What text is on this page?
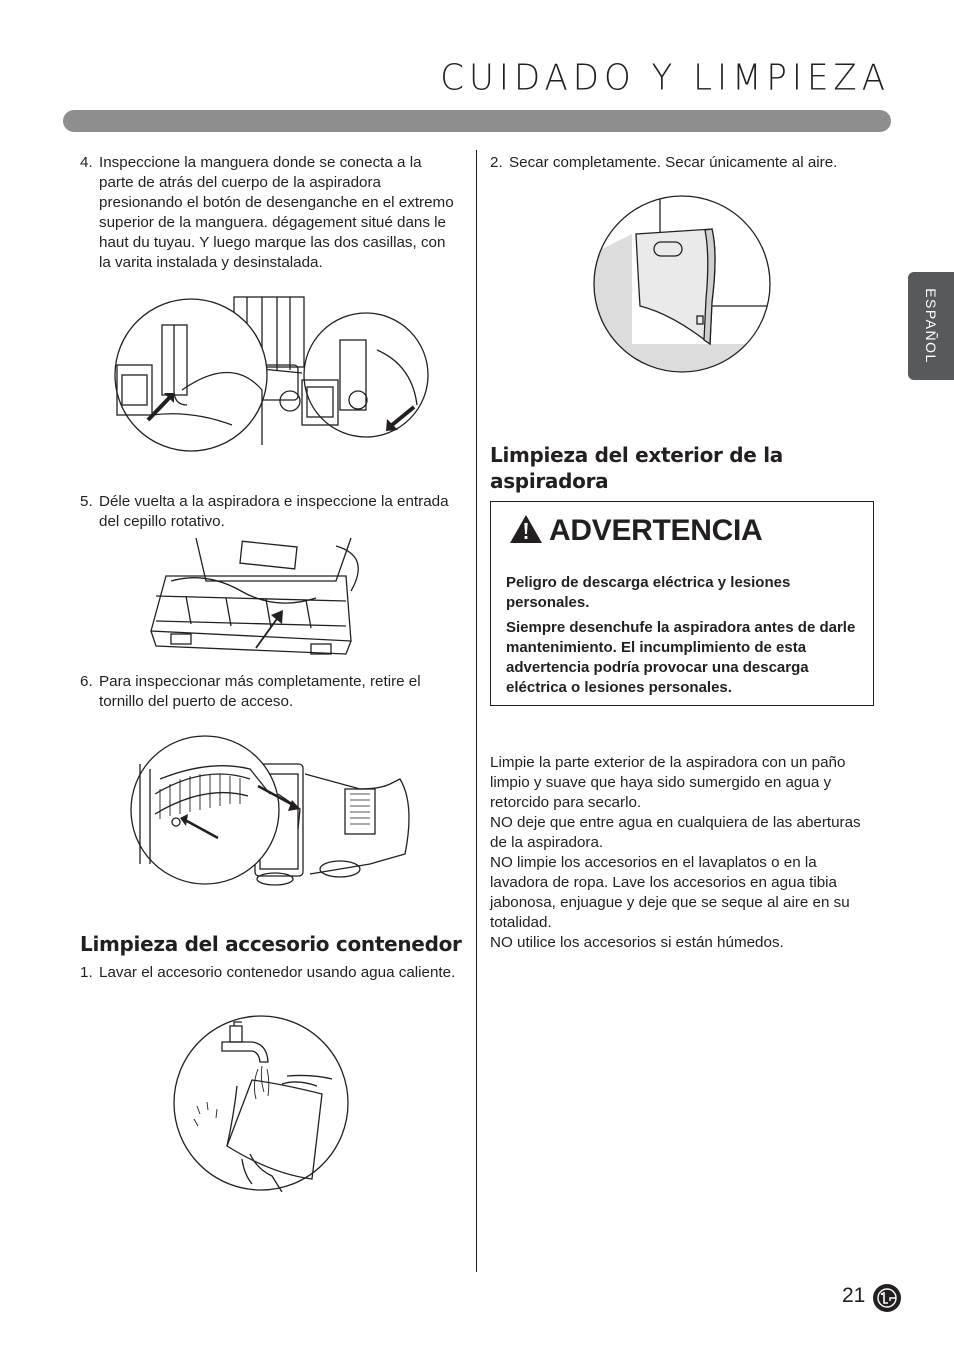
CUIDADO Y LIMPIEZA
ESPAÑOL
4. Inspeccione la manguera donde se conecta a la parte de atrás del cuerpo de la aspiradora presionando el botón de desenganche en el extremo superior de la manguera. dégagement situé dans le haut du tuyau. Y luego marque las dos casillas, con la varita instalada y desinstalada.
5. Déle vuelta a la aspiradora e inspeccione la entrada del cepillo rotativo.
6. Para inspeccionar más completamente, retire el tornillo del puerto de acceso.
Limpieza del accesorio contenedor
1. Lavar el accesorio contenedor usando agua caliente.
2. Secar completamente. Secar únicamente al aire.
Limpieza del exterior de la aspiradora
ADVERTENCIA

Peligro de descarga eléctrica y lesiones personales.

Siempre desenchufe la aspiradora antes de darle mantenimiento. El incumplimiento de esta advertencia podría provocar una descarga eléctrica o lesiones personales.

Limpie la parte exterior de la aspiradora con un paño limpio y suave que haya sido sumergido en agua y retorcido para secarlo.
NO deje que entre agua en cualquiera de las aberturas de la aspiradora.
NO limpie los accesorios en el lavaplatos o en la lavadora de ropa. Lave los accesorios en agua tibia jabonosa, enjuague y deje que se seque al aire en su totalidad.
NO utilice los accesorios si están húmedos.
21
